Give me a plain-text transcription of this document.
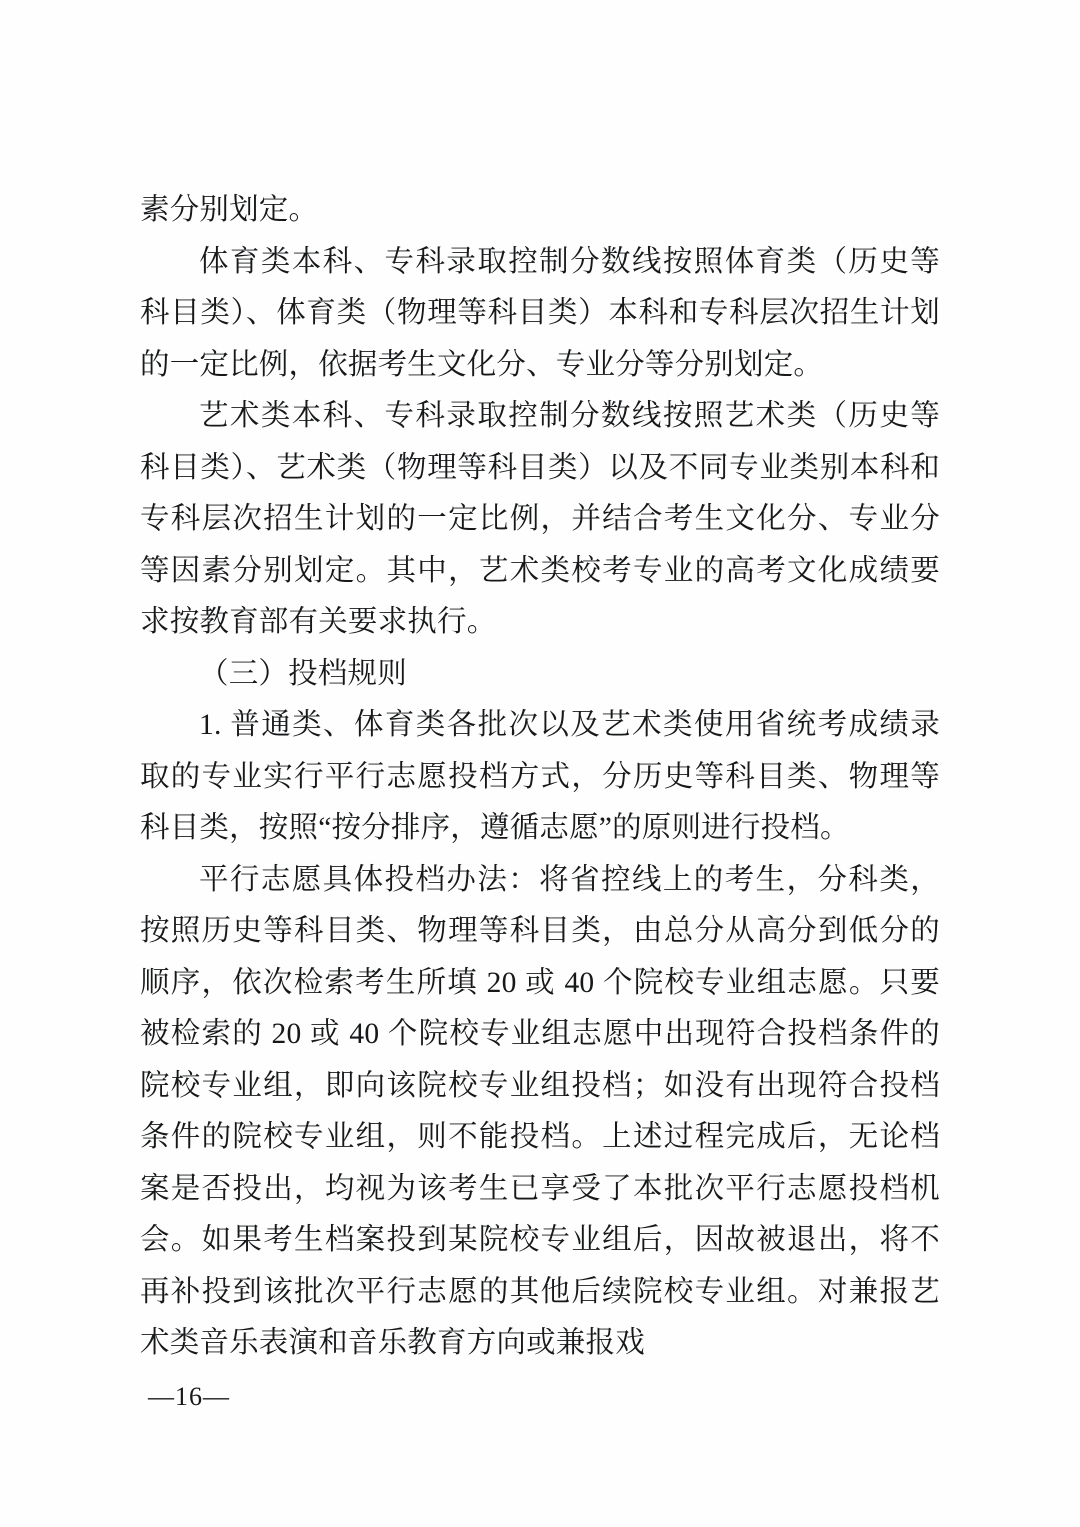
素分别划定。

体育类本科、专科录取控制分数线按照体育类（历史等科目类）、体育类（物理等科目类）本科和专科层次招生计划的一定比例，依据考生文化分、专业分等分别划定。

艺术类本科、专科录取控制分数线按照艺术类（历史等科目类）、艺术类（物理等科目类）以及不同专业类别本科和专科层次招生计划的一定比例，并结合考生文化分、专业分等因素分别划定。其中，艺术类校考专业的高考文化成绩要求按教育部有关要求执行。

（三）投档规则

1. 普通类、体育类各批次以及艺术类使用省统考成绩录取的专业实行平行志愿投档方式，分历史等科目类、物理等科目类，按照“按分排序，遵循志愿”的原则进行投档。

平行志愿具体投档办法：将省控线上的考生，分科类，按照历史等科目类、物理等科目类，由总分从高分到低分的顺序，依次检索考生所填 20 或 40 个院校专业组志愿。只要被检索的 20 或 40 个院校专业组志愿中出现符合投档条件的院校专业组，即向该院校专业组投档；如没有出现符合投档条件的院校专业组，则不能投档。上述过程完成后，无论档案是否投出，均视为该考生已享受了本批次平行志愿投档机会。如果考生档案投到某院校专业组后，因故被退出，将不再补投到该批次平行志愿的其他后续院校专业组。对兼报艺术类音乐表演和音乐教育方向或兼报戏

—16—
